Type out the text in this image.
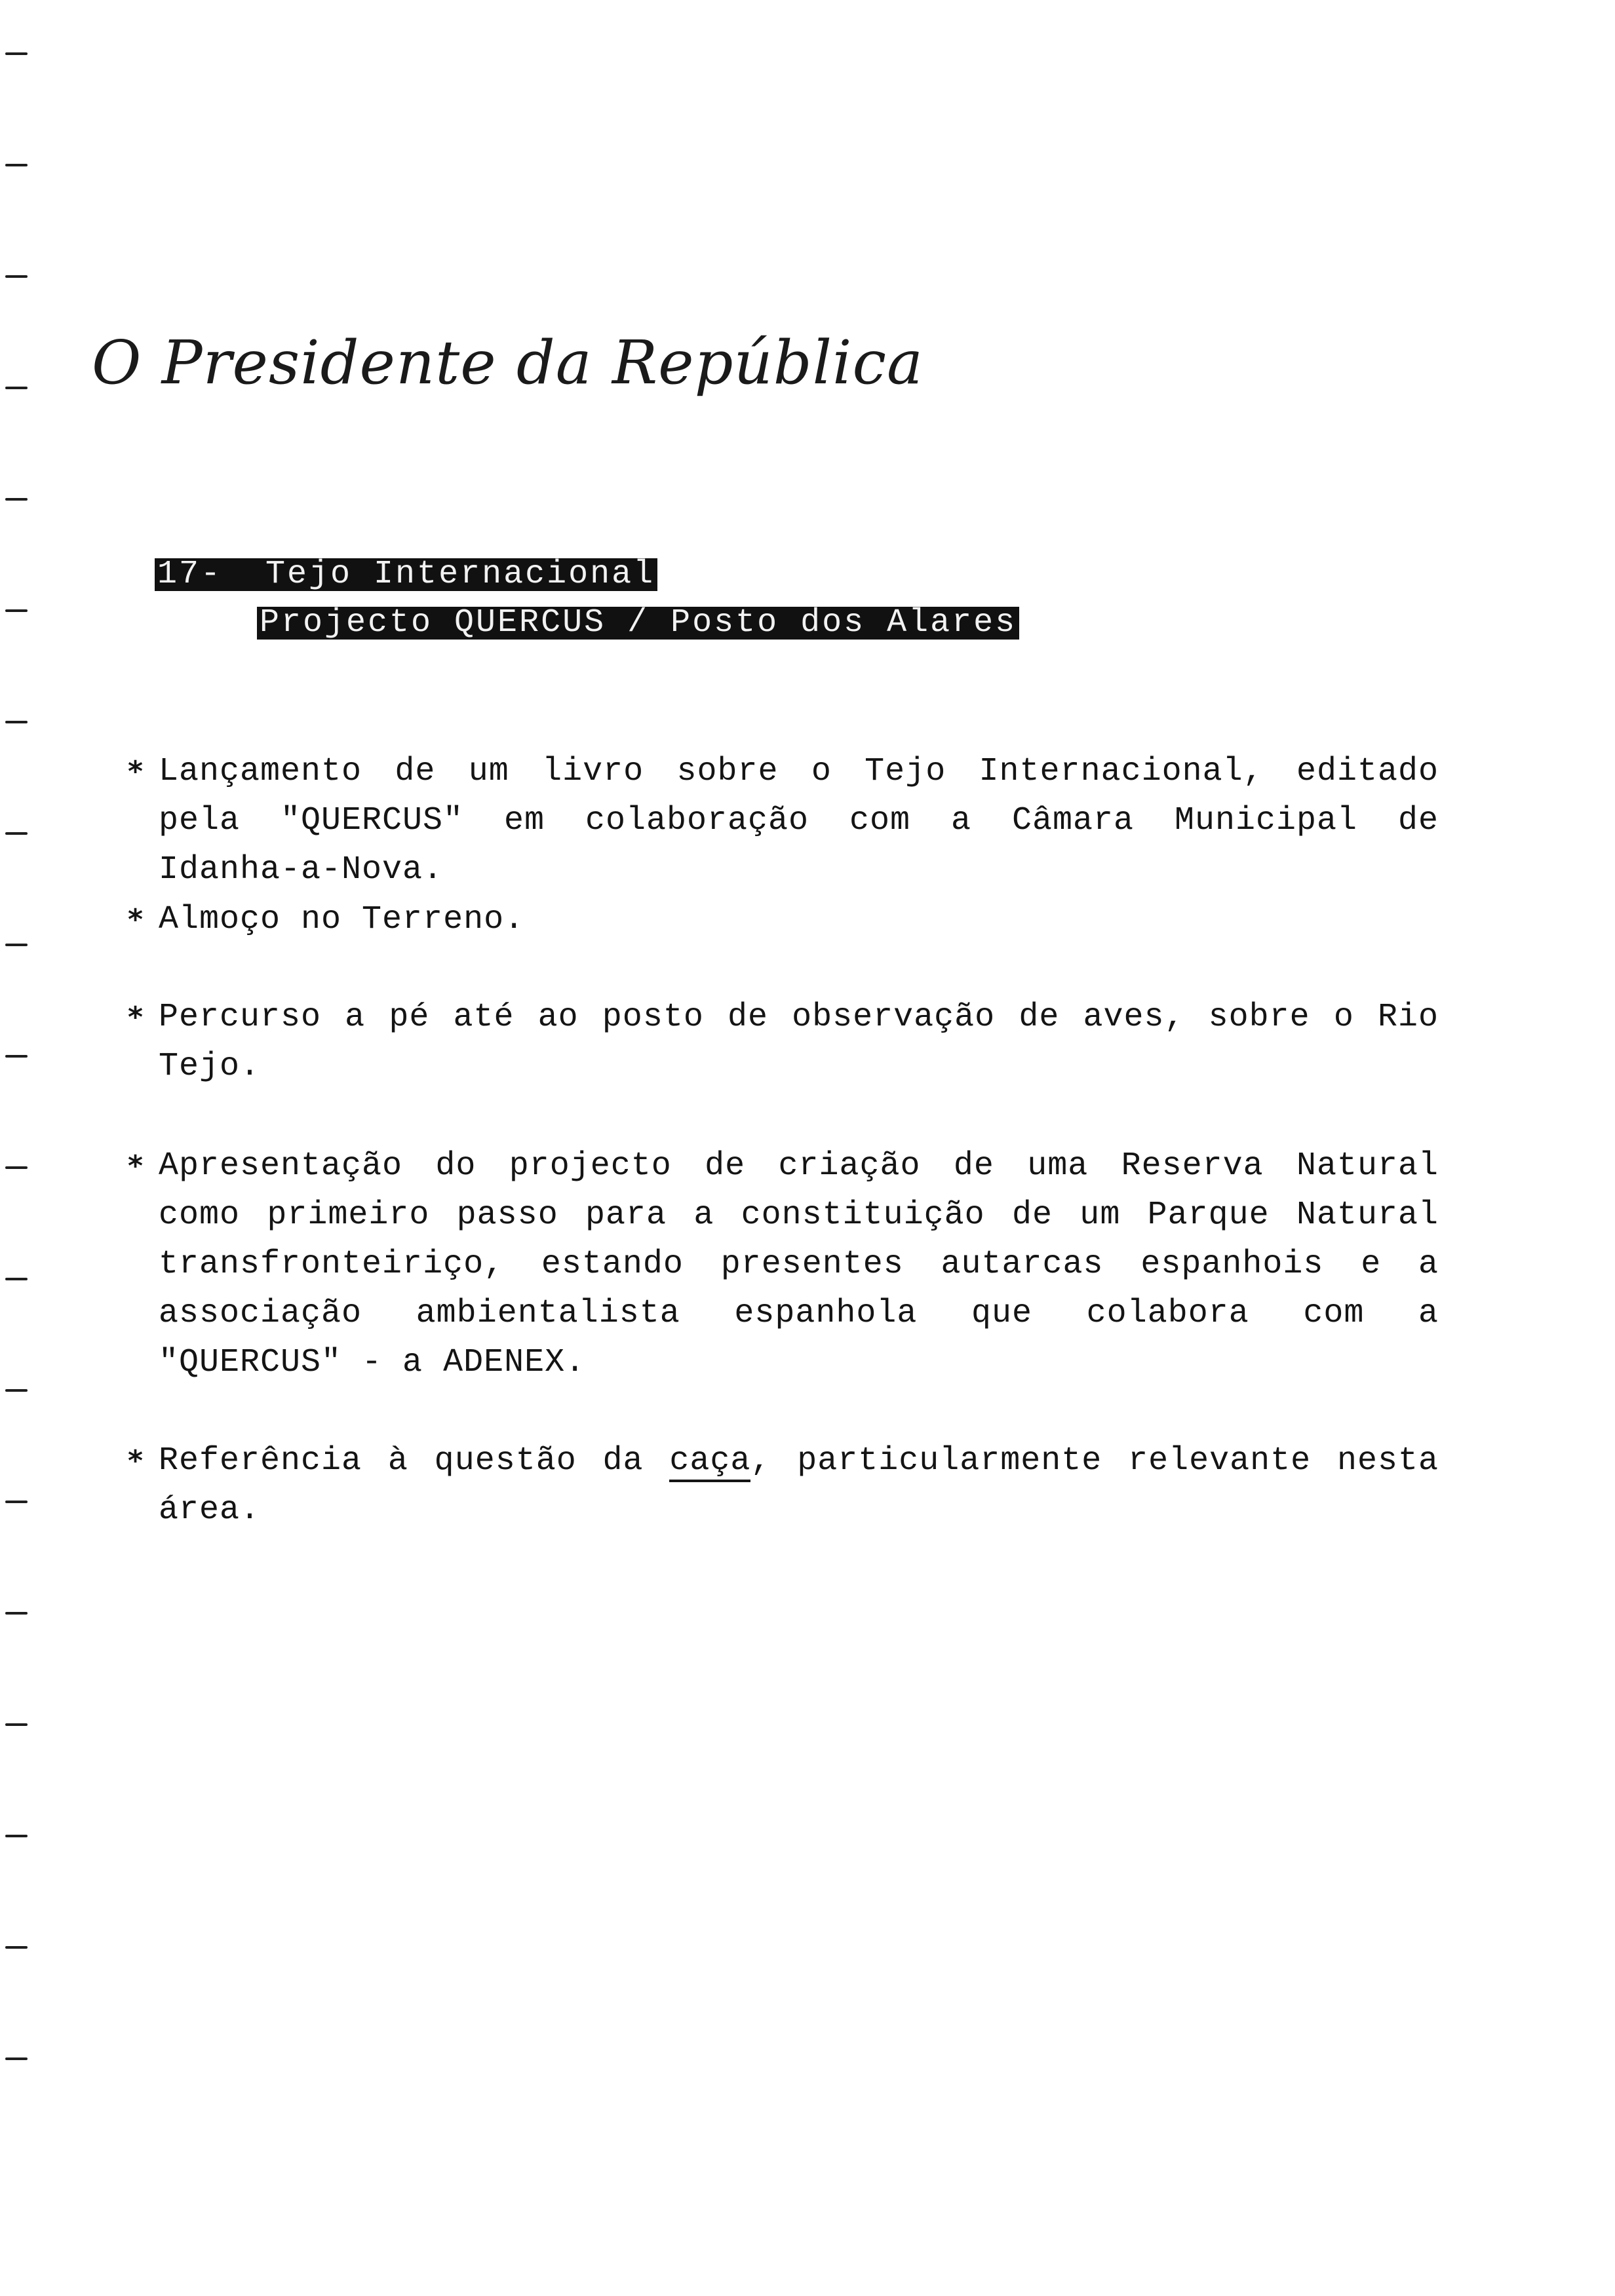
O Presidente da República
17-  Tejo Internacional
Projecto QUERCUS / Posto dos Alares
* Lançamento de um livro sobre o Tejo Internacional, editado pela "QUERCUS" em colaboração com a Câmara Municipal de Idanha-a-Nova.
* Almoço no Terreno.
* Percurso a pé até ao posto de observação de aves, sobre o Rio Tejo.
* Apresentação do projecto de criação de uma Reserva Natural como primeiro passo para a constituição de um Parque Natural transfronteiriço, estando presentes autarcas espanhois e a associação ambientalista espanhola que colabora com a "QUERCUS" - a ADENEX.
* Referência à questão da caça, particularmente relevante nesta área.
